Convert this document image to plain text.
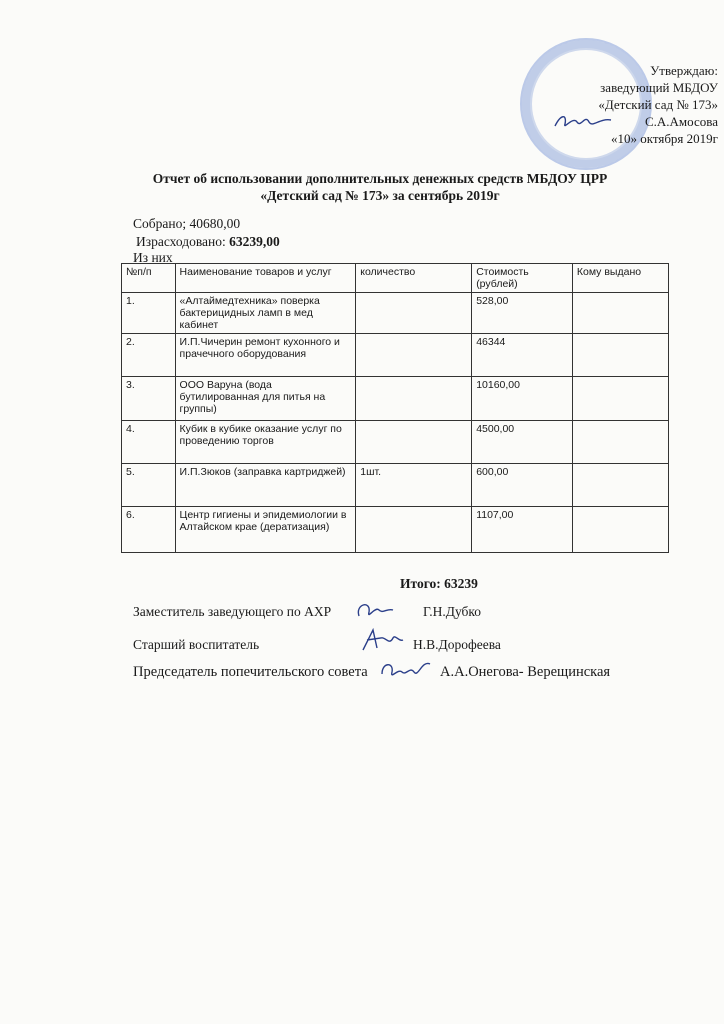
Утверждаю:
заведующий МБДОУ
«Детский сад № 173»
С.А.Амосова
«10» октября 2019г
Отчет об использовании дополнительных денежных средств МБДОУ ЦРР
«Детский сад № 173» за сентябрь 2019г
Собрано; 40680,00
Израсходовано: 63239,00
Из них
№п/п	Наименование товаров и услуг	количество	Стоимость (рублей)	Кому выдано
1.	«Алтаймедтехника» поверка бактерицидных ламп в мед кабинет		528,00	
2.	И.П.Чичерин ремонт кухонного и прачечного оборудования		46344	
3.	ООО Варуна (вода бутилированная для питья на группы)		10160,00	
4.	Кубик в кубике оказание услуг по проведению торгов		4500,00	
5.	И.П.Зюков (заправка картриджей)	1шт.	600,00	
6.	Центр гигиены и эпидемиологии в Алтайском крае (дератизация)		1107,00	
Итого: 63239
Заместитель заведующего по АХР	Г.Н.Дубко
Старший воспитатель	Н.В.Дорофеева
Председатель попечительского совета	А.А.Онегова- Верещинская
